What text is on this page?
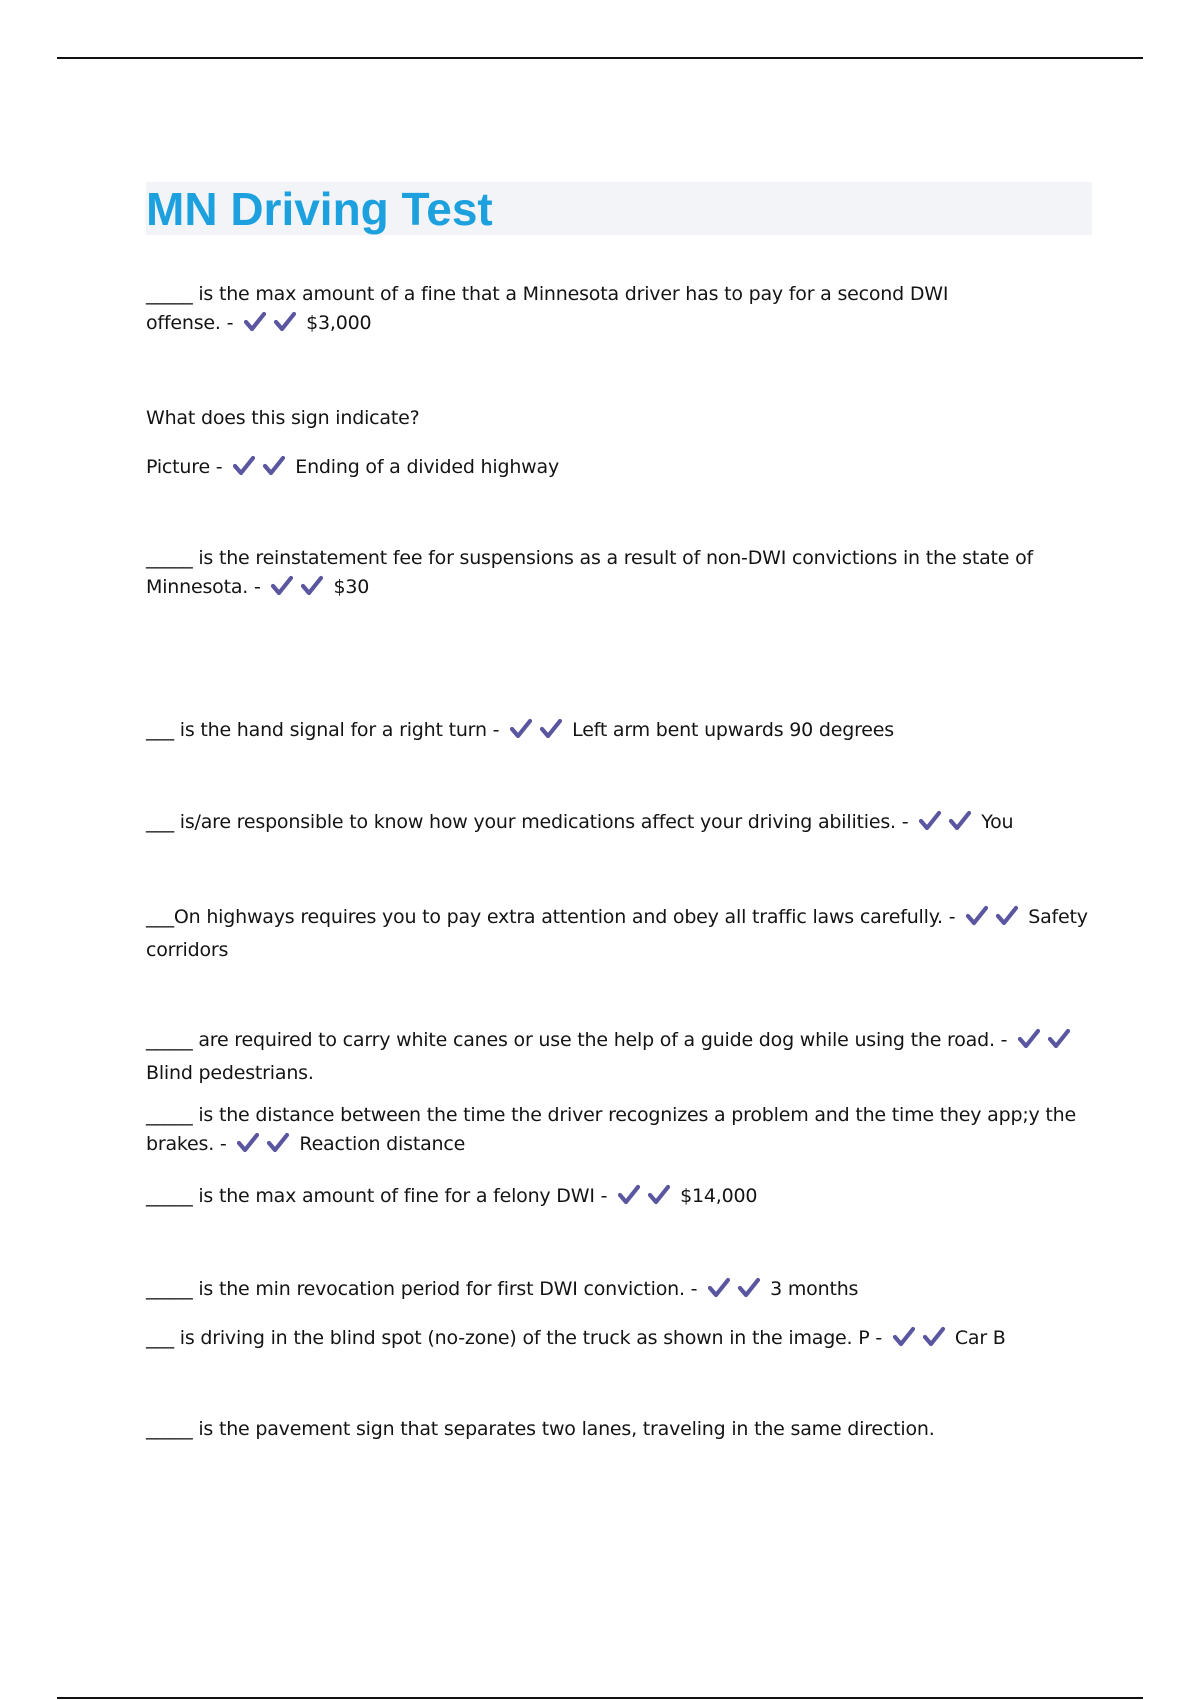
MN Driving Test
_____ is the max amount of a fine that a Minnesota driver has to pay for a second DWI offense. -	$3,000

What does this sign indicate?

Picture -	Ending of a divided highway

_____ is the reinstatement fee for suspensions as a result of non-DWI convictions in the state of Minnesota. -	$30
___ is the hand signal for a right turn -	Left arm bent upwards 90 degrees
___ is/are responsible to know how your medications affect your driving abilities. -	You
___On highways requires you to pay extra attention and obey all traffic laws carefully. -	Safety corridors
_____ are required to carry white canes or use the help of a guide dog while using the road. -
Blind pedestrians.
_____ is the distance between the time the driver recognizes a problem and the time they app;y the brakes. -	Reaction distance
_____ is the max amount of fine for a felony DWI -	$14,000
_____ is the min revocation period for first DWI conviction. -	3 months
___ is driving in the blind spot (no-zone) of the truck as shown in the image. P -	Car B
_____ is the pavement sign that separates two lanes, traveling in the same direction.
